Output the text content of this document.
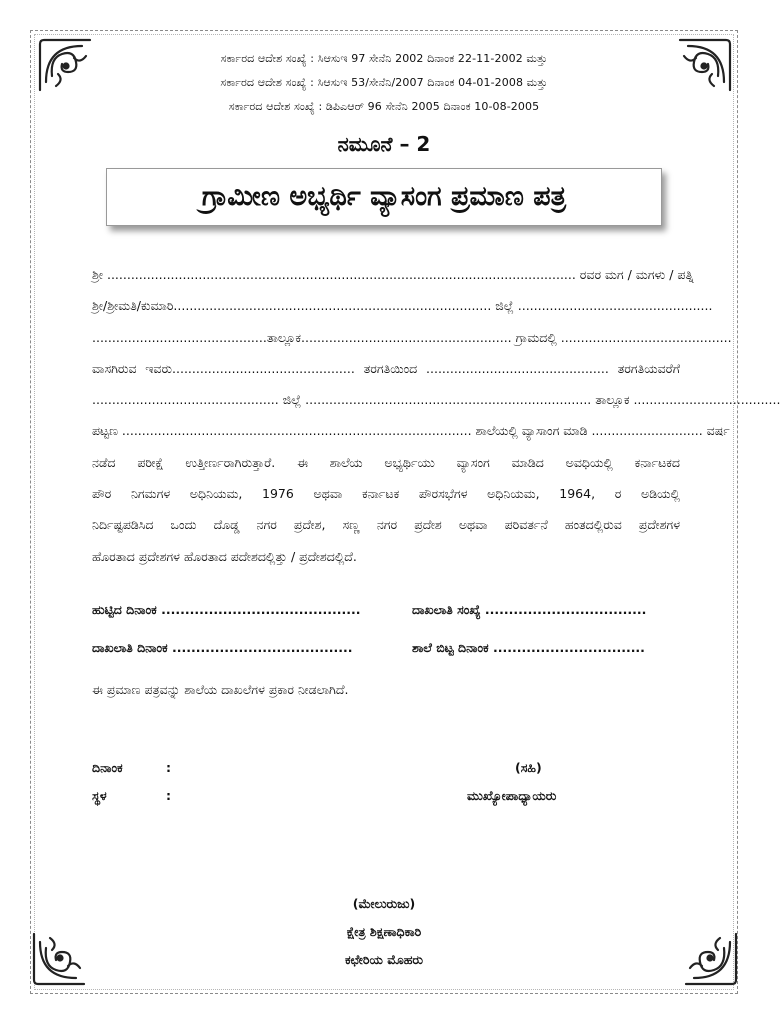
ಸರ್ಕಾರದ ಆದೇಶ ಸಂಖ್ಯೆ : ಸಿಆಸುಇ 97 ಸೇನೆನಿ 2002 ದಿನಾಂಕ 22-11-2002 ಮತ್ತು
ಸರ್ಕಾರದ ಆದೇಶ ಸಂಖ್ಯೆ : ಸಿಆಸುಇ 53/ಸೇನೆನಿ/2007 ದಿನಾಂಕ 04-01-2008 ಮತ್ತು
ಸರ್ಕಾರದ ಆದೇಶ ಸಂಖ್ಯೆ : ಡಿಪಿಎಆರ್ 96 ಸೇನೆನಿ 2005 ದಿನಾಂಕ 10-08-2005
ನಮೂನೆ – 2
ಗ್ರಾಮೀಣ ಅಭ್ಯರ್ಥಿ ವ್ಯಾಸಂಗ ಪ್ರಮಾಣ ಪತ್ರ
ಶ್ರೀ ...................................................................................................................... ರವರ ಮಗ / ಮಗಳು / ಪತ್ನಿ
ಶ್ರೀ/ಶ್ರೀಮತಿ/ಕುಮಾರಿ................................................................................ ಜಿಲ್ಲೆ .................................................
............................................ತಾಲ್ಲೂಕ..................................................... ಗ್ರಾಮದಲ್ಲಿ ...........................................
ವಾಸಗಿರುವ ಇವರು.............................................. ತರಗತಿಯಿಂದ .............................................. ತರಗತಿಯವರೆಗೆ
............................................... ಜಿಲ್ಲೆ ........................................................................ ತಾಲ್ಲೂಕ .....................................
ಪಟ್ಟಣ ........................................................................................ ಶಾಲೆಯಲ್ಲಿ ವ್ಯಾಸಾಂಗ ಮಾಡಿ ............................ ವರ್ಷ
ನಡೆದ ಪರೀಕ್ಷೆ ಉತ್ತೀರ್ಣರಾಗಿರುತ್ತಾರೆ. ಈ ಶಾಲೆಯ ಅಭ್ಯರ್ಥಿಯು ವ್ಯಾಸಂಗ ಮಾಡಿದ ಅವಧಿಯಲ್ಲಿ ಕರ್ನಾಟಕದ
ಪೌರ ನಿಗಮಗಳ ಅಧಿನಿಯಮ, 1976 ಅಥವಾ ಕರ್ನಾಟಕ ಪೌರಸಭೆಗಳ ಅಧಿನಿಯಮ, 1964, ರ ಅಡಿಯಲ್ಲಿ
ನಿರ್ದಿಷ್ಟಪಡಿಸಿದ ಒಂದು ದೊಡ್ಡ ನಗರ ಪ್ರದೇಶ, ಸಣ್ಣ ನಗರ ಪ್ರದೇಶ ಅಥವಾ ಪರಿವರ್ತನೆ ಹಂತದಲ್ಲಿರುವ ಪ್ರದೇಶಗಳ
ಹೊರತಾದ ಪ್ರದೇಶಗಳ ಹೊರತಾದ ಪದೇಶದಲ್ಲಿತ್ತು / ಪ್ರದೇಶದಲ್ಲಿದೆ.
ಹುಟ್ಟಿದ ದಿನಾಂಕ ..........................................	ದಾಖಲಾತಿ ಸಂಖ್ಯೆ ..................................
ದಾಖಲಾತಿ ದಿನಾಂಕ ......................................	ಶಾಲೆ ಬಿಟ್ಟ ದಿನಾಂಕ ................................
ಈ ಪ್ರಮಾಣ ಪತ್ರವನ್ನು ಶಾಲೆಯ ದಾಖಲೆಗಳ ಪ್ರಕಾರ ನೀಡಲಾಗಿದೆ.
ದಿನಾಂಕ	:	(ಸಹಿ)
ಸ್ಥಳ	:	ಮುಖ್ಯೋಪಾಧ್ಯಾಯರು
(ಮೇಲುರುಜು)
ಕ್ಷೇತ್ರ ಶಿಕ್ಷಣಾಧಿಕಾರಿ
ಕಛೇರಿಯ ಮೊಹರು
